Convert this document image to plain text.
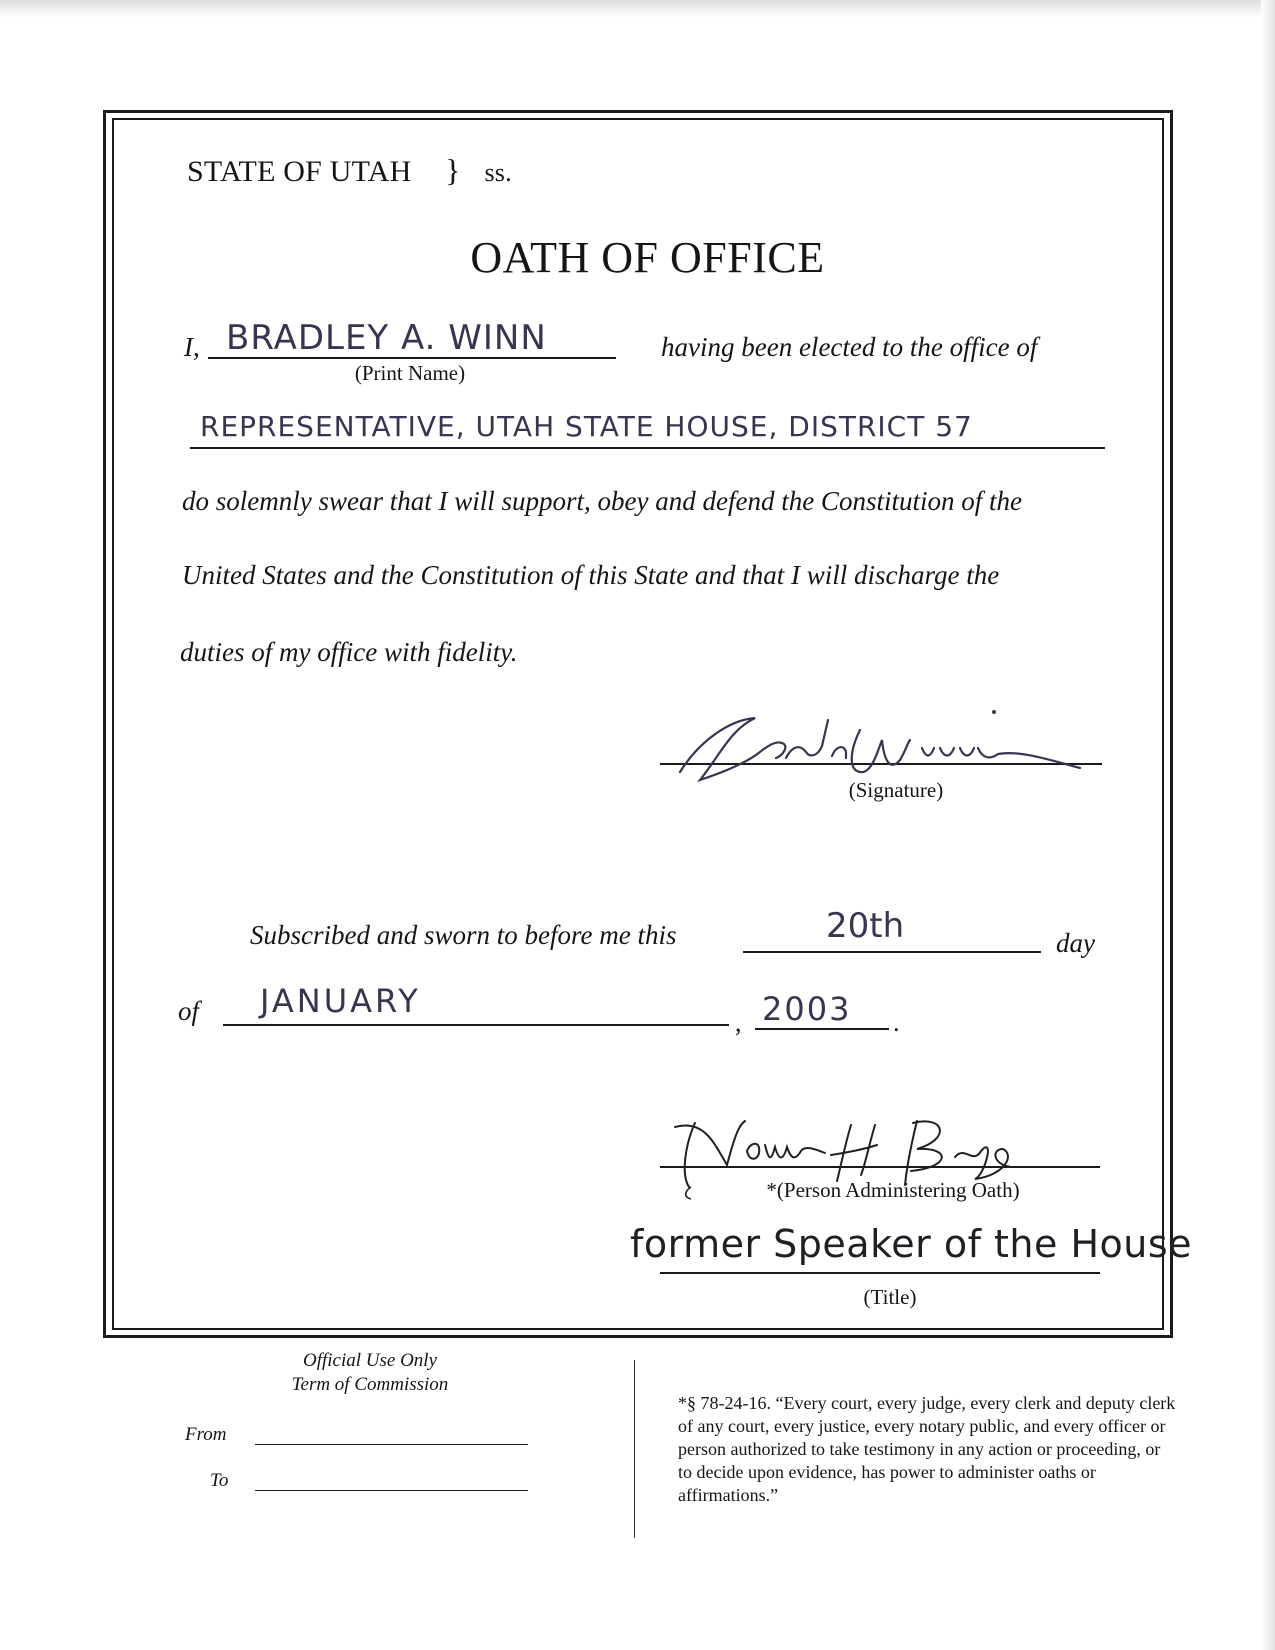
STATE OF UTAH } ss.
OATH OF OFFICE
I, BRADLEY A. WINN
(Print Name)
having been elected to the office of
REPRESENTATIVE, UTAH STATE HOUSE, DISTRICT 57
do solemnly swear that I will support, obey and defend the Constitution of the
United States and the Constitution of this State and that I will discharge the
duties of my office with fidelity.
(Signature)
Subscribed and sworn to before me this	20th	day
of JANUARY
, 2003 .
*(Person Administering Oath)
former Speaker of the House
(Title)
Official Use Only
Term of Commission
From
To
*§ 78-24-16. “Every court, every judge, every clerk and deputy clerk of any court, every justice, every notary public, and every officer or person authorized to take testimony in any action or proceeding, or to decide upon evidence, has power to administer oaths or affirmations.”
